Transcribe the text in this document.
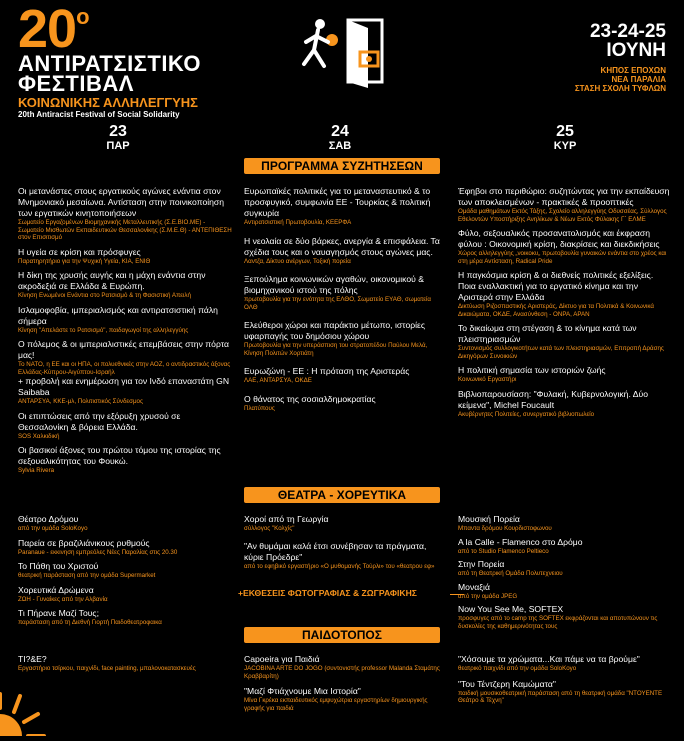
$20^o$
ΑΝΤΙΡΑΤΣΙΣΤΙΚΟ
ΦΕΣΤΙΒΑΛ
ΚΟΙΝΩΝΙΚΗΣ ΑΛΛΗΛΕΓΓΥΗΣ
20th Antiracist Festival of Social Solidarity
23-24-25
ΙΟΥΝΗ
ΚΗΠΟΣ ΕΠΟΧΩΝ
ΝΕΑ ΠΑΡΑΛΙΑ
ΣΤΑΣΗ ΣΧΟΛΗ ΤΥΦΛΩΝ
23
ΠΑΡ
24
ΣΑΒ
25
ΚΥΡ
ΠΡΟΓΡΑΜΜΑ ΣΥΖΗΤΗΣΕΩΝ
Οι μετανάστες στους εργατικούς αγώνες ενάντια στον Μνημονιακό μεσαίωνα. Αντίσταση στην ποινικοποίηση των εργατικών κινητοποιήσεων
Σωματείο Εργαζομένων Βιομηχανικής Μεταλλευτικής (Σ.Ε.ΒΙΟ.ΜΕ) - Σωματείο Μισθωτών Εκπαιδευτικών Θεσσαλονίκης (Σ.Μ.Ε.Θ) - ΑΝΤΕΠΙΘΕΣΗ στον Επισιτισμό
Η υγεία σε κρίση και πρόσφυγες
Παρατηρητήριο για την Ψυχική Υγεία, ΚΙΑ, ΕΝΙΘ
Η δίκη της χρυσής αυγής και η μάχη ενάντια στην ακροδεξιά σε Ελλάδα & Ευρώπη.
Κίνηση Ενωμένοι Ενάντια στο Ρατσισμό & τη Φασιστική Απειλή
Ισλαμοφοβία, ιμπεριαλισμός και αντιρατσιστική πάλη σήμερα
Κίνηση "Απελάστε το Ρατσισμό", παιδαγωγοί της αλληλεγγύης
Ο πόλεμος & οι ιμπεριαλιστικές επεμβάσεις στην πόρτα μας!
Το ΝΑΤΟ, η ΕΕ και οι ΗΠΑ, οι πολυεθνικές στην ΑΟΖ, ο αντιδραστικός άξονας Ελλάδας-Κύπρου-Αιγύπτου-Ισραήλ
+ προβολή και ενημέρωση για τον Ινδό επαναστάτη GN Saibaba
ΑΝΤΑΡΣΥΑ, ΚΚΕ-μλ, Πολιτιστικός Σύνδεσμος
Οι επιπτώσεις από την εξόρυξη χρυσού σε Θεσσαλονίκη & βόρεια Ελλάδα.
SOS Χαλκιδική
Οι βασικοί άξονες του πρώτου τόμου της ιστορίας της σεξουαλικότητας του Φουκώ.
Sylvia Rivera
Ευρωπαϊκές πολιτικές για το μεταναστευτικό & το προσφυγικό, συμφωνία ΕΕ - Τουρκίας & πολιτική συγκυρία
Αντιρατσιστική Πρωτοβουλία, ΚΕΕΡΦΑ
Η νεολαία σε δύο βάρκες, ανεργία & επισφάλεια. Τα σχέδια τους και ο ναυαγησμός στους αγώνες μας.
Λαντζα, Δίκτυο ανέργων, Τοξική πορεία
Ξεπούλημα κοινωνικών αγαθών, οικονομικού & βιομηχανικού ιστού της πόλης
πρωτοβουλία για την ενότητα της ΕΛΘΟ, Σωματείο ΕΥΑΘ, σωματεία ΟΛΘ
Ελεύθεροι χώροι και παράκτιο μέτωπο, ιστορίες υφαρπαγής του δημόσιου χώρου
Πρωτοβουλία για την υπεράσπιση του στρατοπέδου Παύλου Μελά, Κίνηση Πολιτών Χορτιάτη
Ευρωζώνη - ΕΕ : Η πρόταση της Αριστεράς
ΛΑΕ, ΑΝΤΑΡΣΥΑ, ΟΚΔΕ
Ο θάνατος της σοσιαλδημοκρατίας
Πλατύπους
Έφηβοι στο περιθώριο: συζητώντας για την εκπαίδευση των αποκλεισμένων - πρακτικές & προοπτικές
Ομάδα μαθημάτων Εκτός Τάξης, Σχολείο αλληλεγγύης Οδυσσέας, Σύλλογος Εθελοντών Υποστήριξης Ανηλίκων & Νέων Εκτός Φύλακης Γ΄ ΕΛΜΕ
Φύλο, σεξουαλικός προσανατολισμός και έκφραση φύλου : Οικονομική κρίση, διακρίσεις και διεκδικήσεις
Χώρος αλληλεγγύης „νοικοκυ„ πρωτοβουλία γυναικών ενάντια στο χρέος και στη μέρα Αντίσταση, Radical Pride
Η παγκόσμια κρίση & οι διεθνείς πολιτικές εξελίξεις. Ποια εναλλακτική για το εργατικό κίνημα και την Αριστερά στην Ελλάδα
Δικτύωση Ριζοσπαστικής Αριστεράς, Δίκτυο για τα Πολιτικά & Κοινωνικά Δικαιώματα, ΟΚΔΕ, Ανασύνθεση - ΟΝΡΑ, ΑΡΑΝ
Το δικαίωμα στη στέγαση & το κίνημα κατά των πλειστηριασμών
Συντονισμός συλλογικοτήτων κατά των πλειστηριασμών, Επιτροπή Δράσης Δικηγόρων Συνοικιών
Η πολιτική σημασία των ιστοριών ζωής
Κοινωνικό Εργαστήρι
Βιβλιοπαρουσίαση: "Φυλακή, Κυβερνολογική. Δύο κείμενα", Michel Foucault
Ακυβέρνητες Πολιτείες, συνεργατικό βιβλιοπωλείο
ΘΕΑΤΡΑ - ΧΟΡΕΥΤΙΚΑ
Θέατρο Δρόμου
από την ομάδα SoloKoyo
Παρεία σε βραζιλιάνικους ρυθμούς
Paranaue - εκκινηση εμπρεόλες Νέες Παραλίας στις 20.30
Το Πάθη του Χριστού
θεατρική παράσταση από την ομάδα Supermarket
Χορευτικά Δρώμενα
ΖΩΗ - Γυναίκες από την Αλβανία
Τι Πήρανε Μαζί Τους;
παράσταση από τη Διεθνή Γιορτή Παιδοθεατροφαικα
Χοροί από τη Γεωργία
σύλλογος "Κολχίς"
"Αν θυμάμαι καλά έτσι συνέβησαν τα πράγματα, κύριε Πρόεδρε"
από το εφηβικό εργαστήριο «Ο μυθομανής Τούρλι» του «θεατρου εφ»
+ΕΚΘΕΣΕΙΣ ΦΩΤΟΓΡΑΦΙΑΣ & ΖΩΓΡΑΦΙΚΗΣ
Μουσική Πορεία
Μπαντα δρόμου Κουρδιστοφωνου
A la Calle - Flamenco στο Δρόμο
από το Studio Flamenco Peltieco
Στην Πορεία
από τη Θεατρική Ομάδα Πολυτεχνειου
Μοναξιά
από την ομάδα JPEG
Now You See Me, SOFTEX
προσφυγες από το camp της SOFTEX εκφράζονται και αποτυπώνουν τις δυσκολίες της καθημερινότητας τους
ΠΑΙΔΟΤΟΠΟΣ
ΤΙ?&Ε?
Εργαστήριο τσίρκου, παιχνίδι, face painting, μπαλονοκατασκευές
Capoeira για Παιδιά
JACOBINA ARTE DO JOGO (συντονιστής professor Malanda Σταμάτης Κραββαρίτη)
"Μαζί Φτιάχνουμε Μια Ιστορία"
Μίνα Γκρέκα εκπαιδευτικός εμψυχώτρια εργαστηρίων δημιουργικής γραφής για παιδιά
"Χόσουμε τα χρώματα...Και πάμε να τα βρούμε"
θεατρικό παιχνίδι από την ομάδα SoloKoyo
"Του Τέντζερη Καμώματα"
παιδική μουσικοθεατρική παράσταση από τη θεατρική ομάδα "ΝΤΟΥΕΝΤΕ Θεάτρο & Τέχνη"
